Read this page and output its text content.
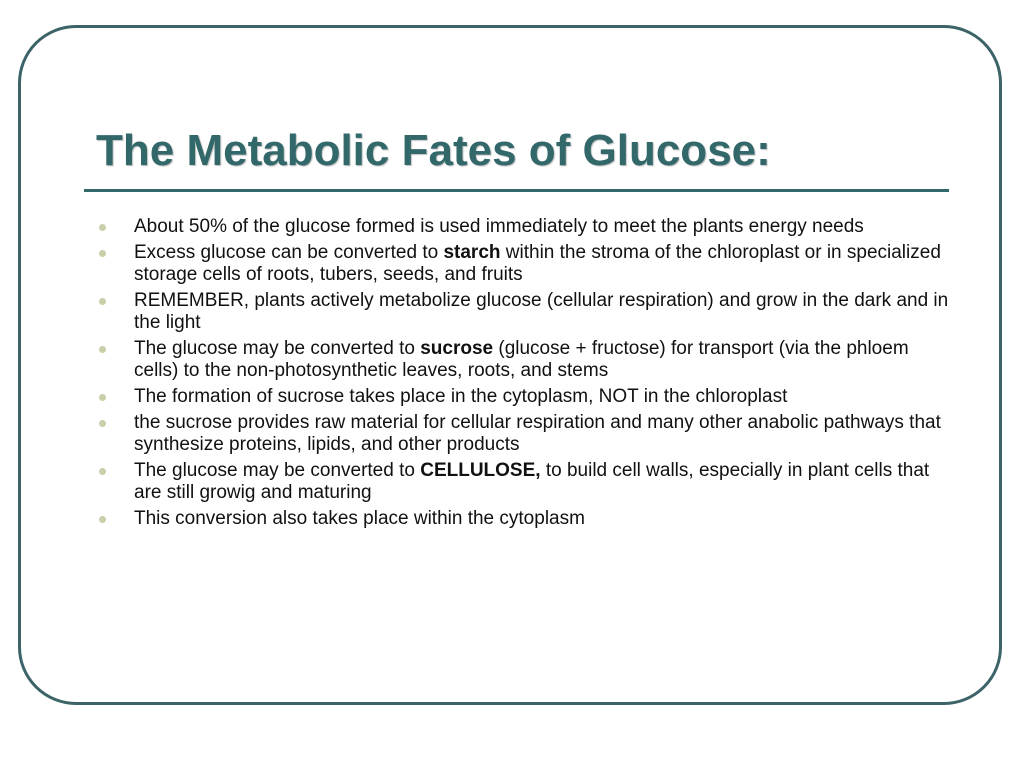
The Metabolic Fates of Glucose:
About 50% of the glucose formed is used immediately to meet the plants energy needs
Excess glucose can be converted to starch within the stroma of the chloroplast or in specialized storage cells of roots, tubers, seeds, and fruits
REMEMBER, plants actively metabolize glucose (cellular respiration) and grow in the dark and in the light
The glucose may be converted to sucrose (glucose + fructose) for transport (via the phloem cells) to the non-photosynthetic leaves, roots, and stems
The formation of sucrose takes place in the cytoplasm, NOT in the chloroplast
the sucrose provides raw material for cellular respiration and many other anabolic pathways that synthesize proteins, lipids, and other products
The glucose may be converted to CELLULOSE, to build cell walls, especially in plant cells that are still growig and maturing
This conversion also takes place within the cytoplasm
